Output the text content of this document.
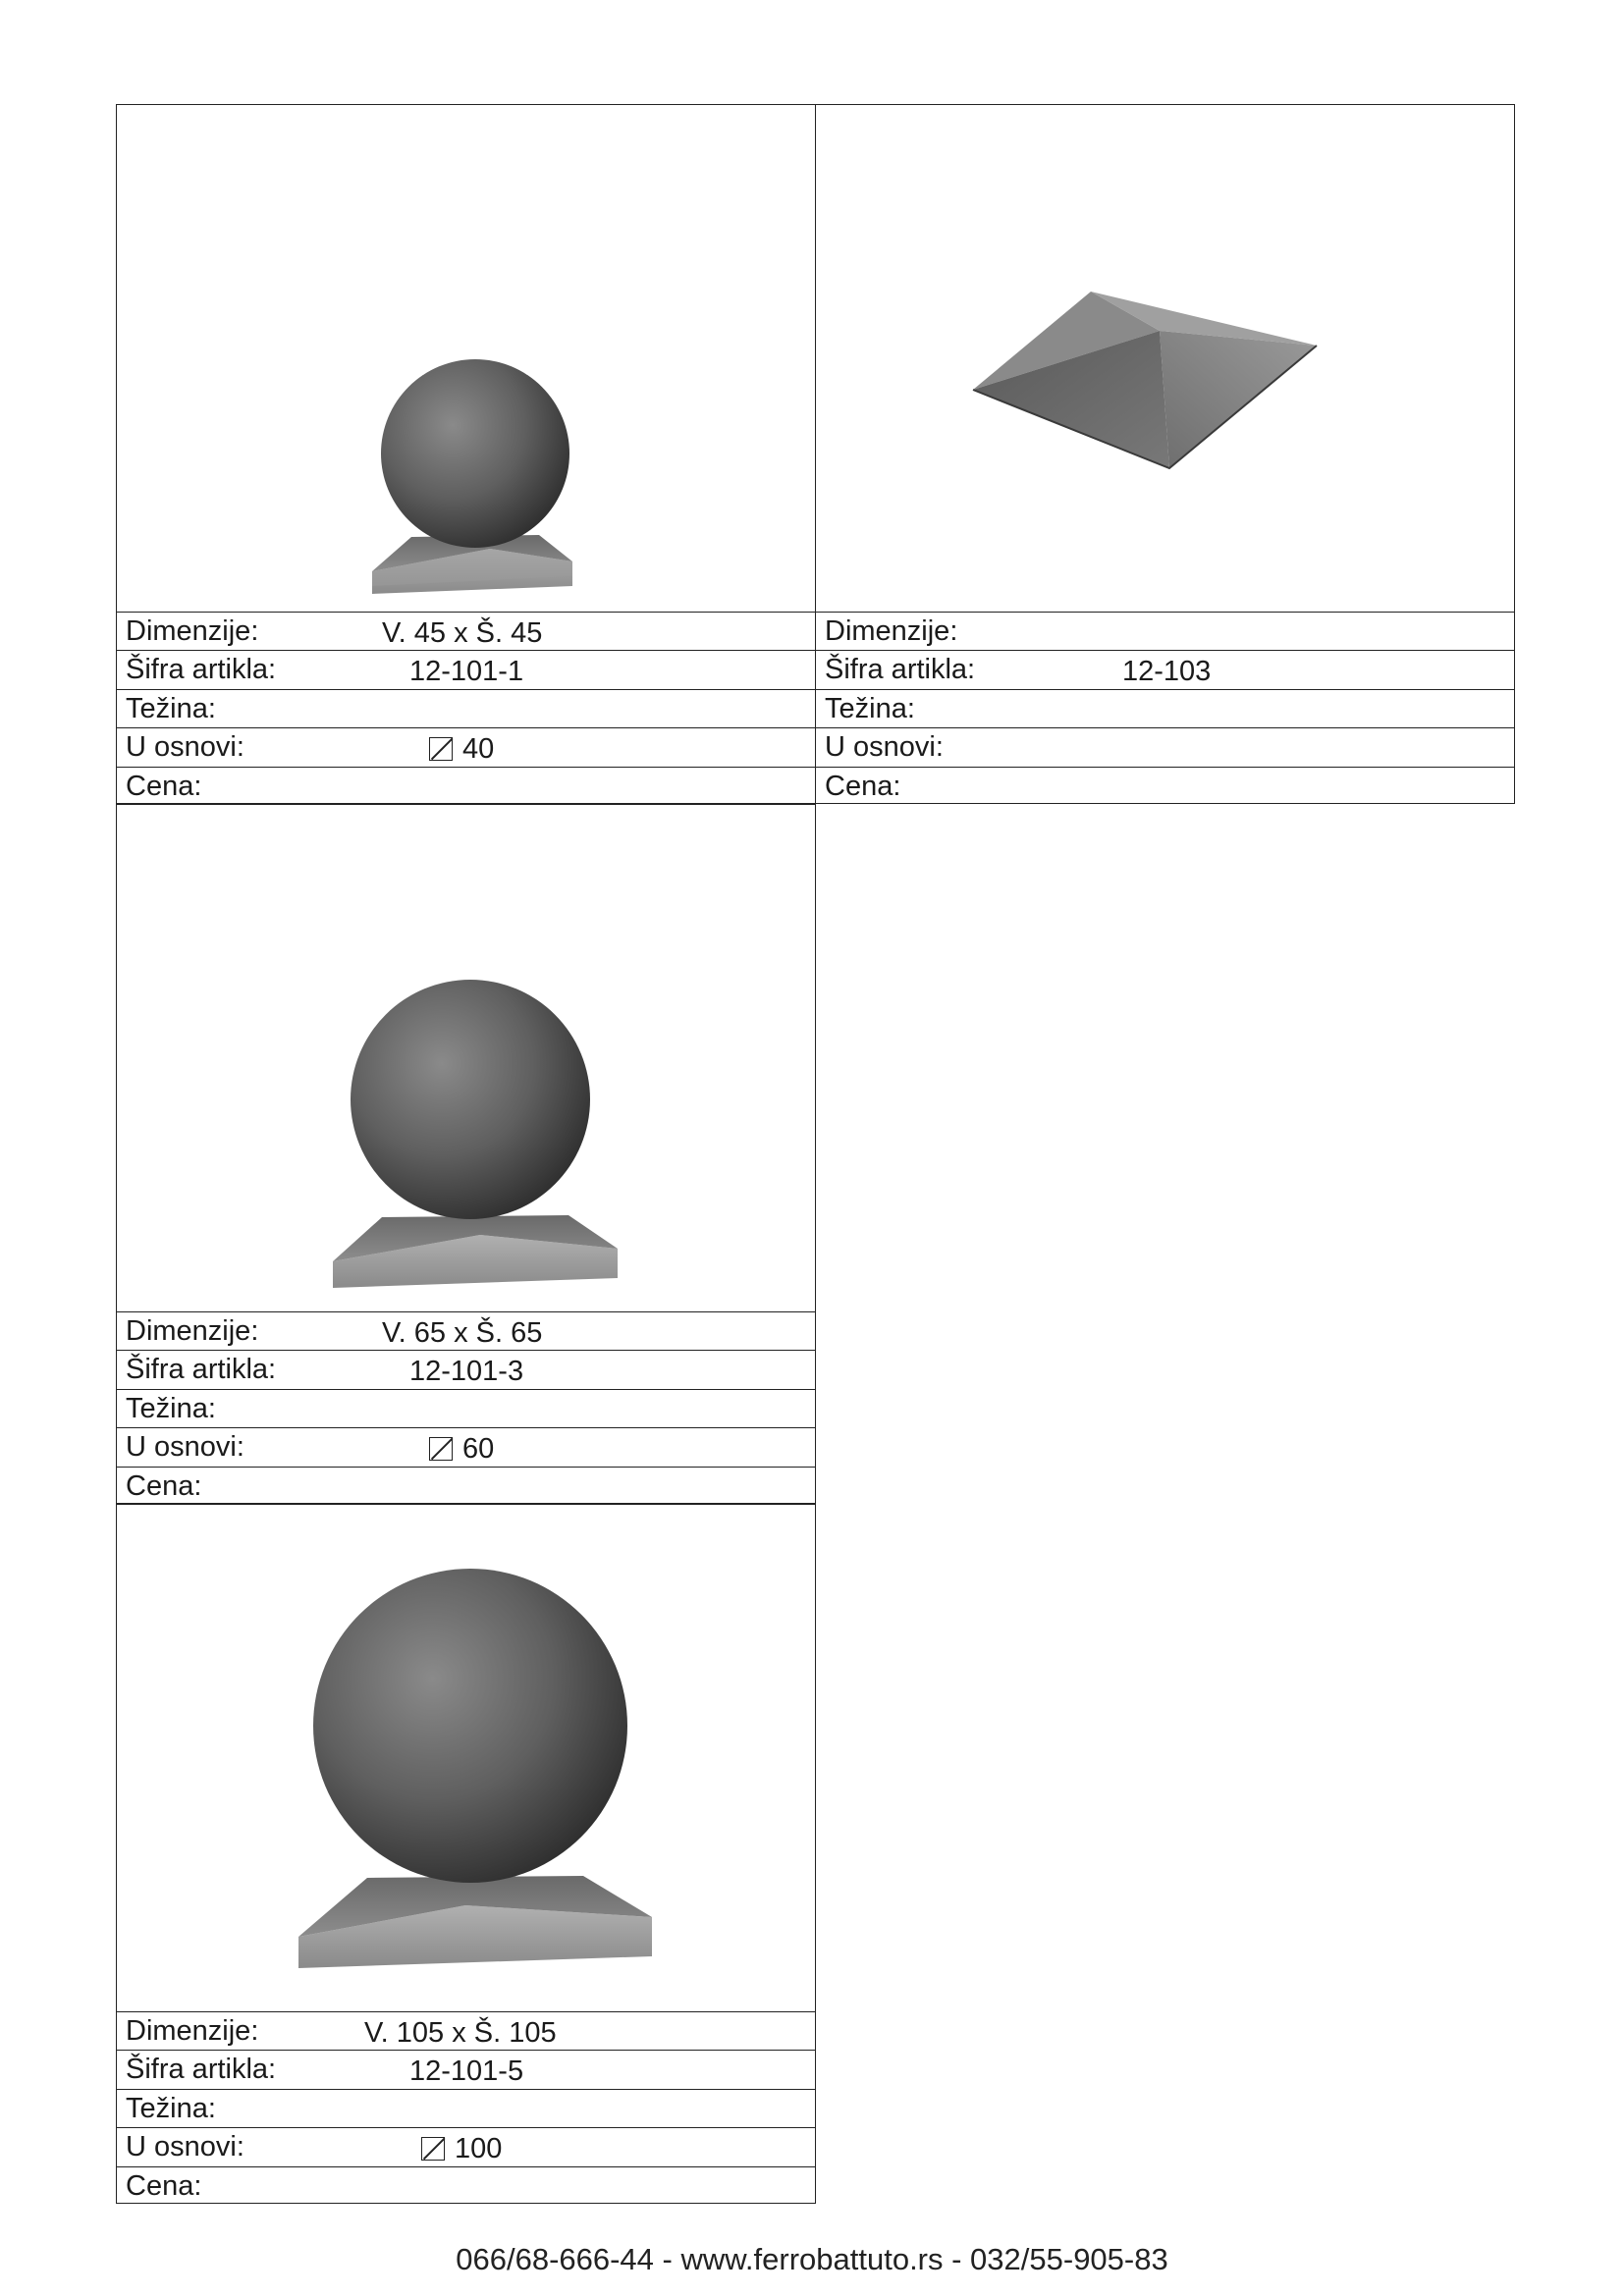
Dimenzije:	V. 45 x Š. 45
Šifra artikla:	12-101-1
Težina:
U osnovi:	40
Cena:
Dimenzije:
Šifra artikla:	12-103
Težina:
U osnovi:
Cena:
Dimenzije:	V. 65 x Š. 65
Šifra artikla:	12-101-3
Težina:
U osnovi:	60
Cena:
Dimenzije:	V. 105 x Š. 105
Šifra artikla:	12-101-5
Težina:
U osnovi:	100
Cena:
066/68-666-44 - www.ferrobattuto.rs - 032/55-905-83
